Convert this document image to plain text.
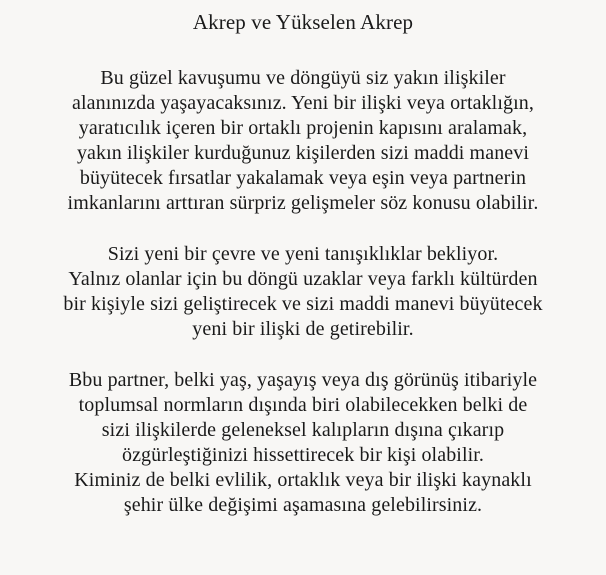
Akrep ve Yükselen Akrep
Bu güzel kavuşumu ve döngüyü siz yakın ilişkiler
alanınızda yaşayacaksınız. Yeni bir ilişki veya ortaklığın,
yaratıcılık içeren bir ortaklı projenin kapısını aralamak,
yakın ilişkiler kurduğunuz kişilerden sizi maddi manevi
büyütecek fırsatlar yakalamak veya eşin veya partnerin
imkanlarını arttıran sürpriz gelişmeler söz konusu olabilir.
Sizi yeni bir çevre ve yeni tanışıklıklar bekliyor.
Yalnız olanlar için bu döngü uzaklar veya farklı kültürden
bir kişiyle sizi geliştirecek ve sizi maddi manevi büyütecek
yeni bir ilişki de getirebilir.
Bbu partner, belki yaş, yaşayış veya dış görünüş itibariyle
toplumsal normların dışında biri olabilecekken belki de
sizi ilişkilerde geleneksel kalıpların dışına çıkarıp
özgürleştiğinizi hissettirecek bir kişi olabilir.
Kiminiz de belki evlilik, ortaklık veya bir ilişki kaynaklı
şehir ülke değişimi aşamasına gelebilirsiniz.
